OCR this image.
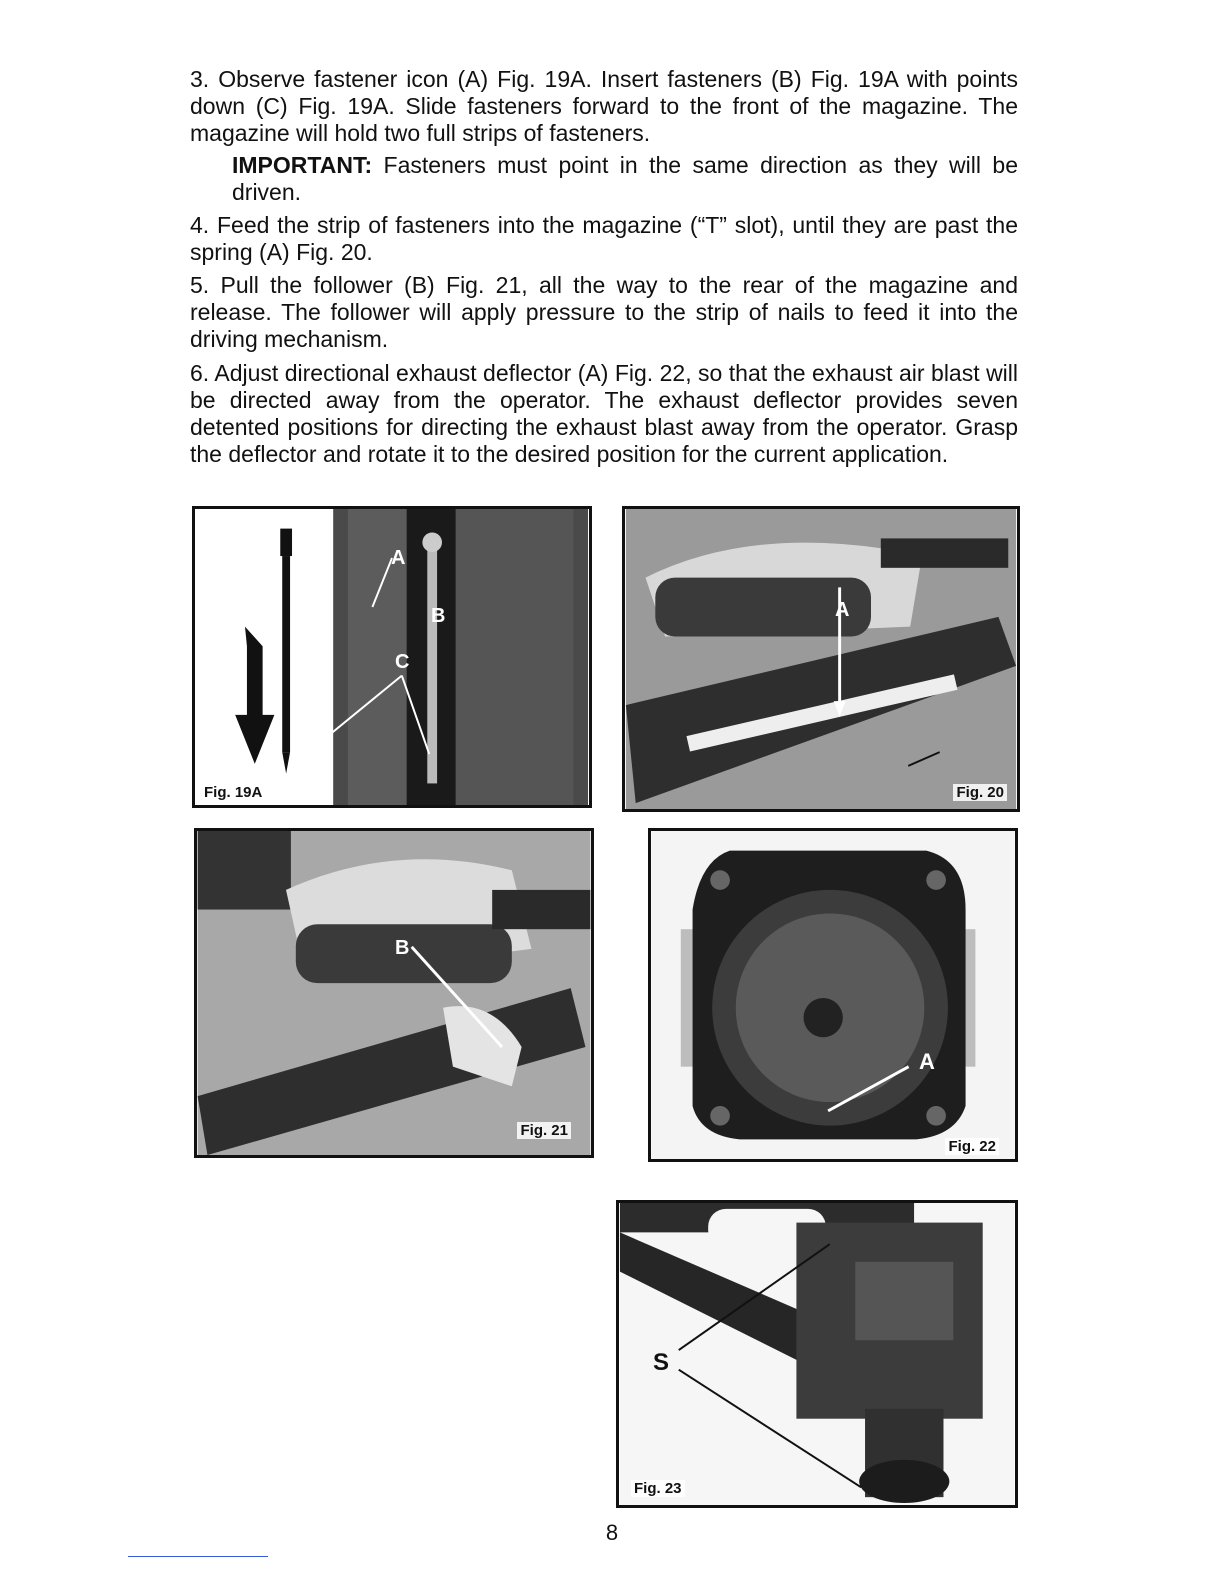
3. Observe fastener icon (A) Fig. 19A. Insert fasteners (B) Fig. 19A with points down (C) Fig. 19A. Slide fasteners forward to the front of the magazine. The magazine will hold two full strips of fasteners.

IMPORTANT: Fasteners must point in the same direction as they will be driven.

4. Feed the strip of fasteners into the magazine (“T” slot), until they are past the spring (A) Fig. 20.

5. Pull the follower (B) Fig. 21, all the way to the rear of the magazine and release. The follower will apply pressure to the strip of nails to feed it into the driving mechanism.

6. Adjust directional exhaust deflector (A) Fig. 22, so that the exhaust air blast will be directed away from the operator. The exhaust deflector provides seven detented positions for directing the exhaust blast away from the operator. Grasp the deflector and rotate it to the desired position for the current application.

A
B
C
Fig. 19A
A
Fig. 20
B
Fig. 21
A
Fig. 22
S
Fig. 23
8
